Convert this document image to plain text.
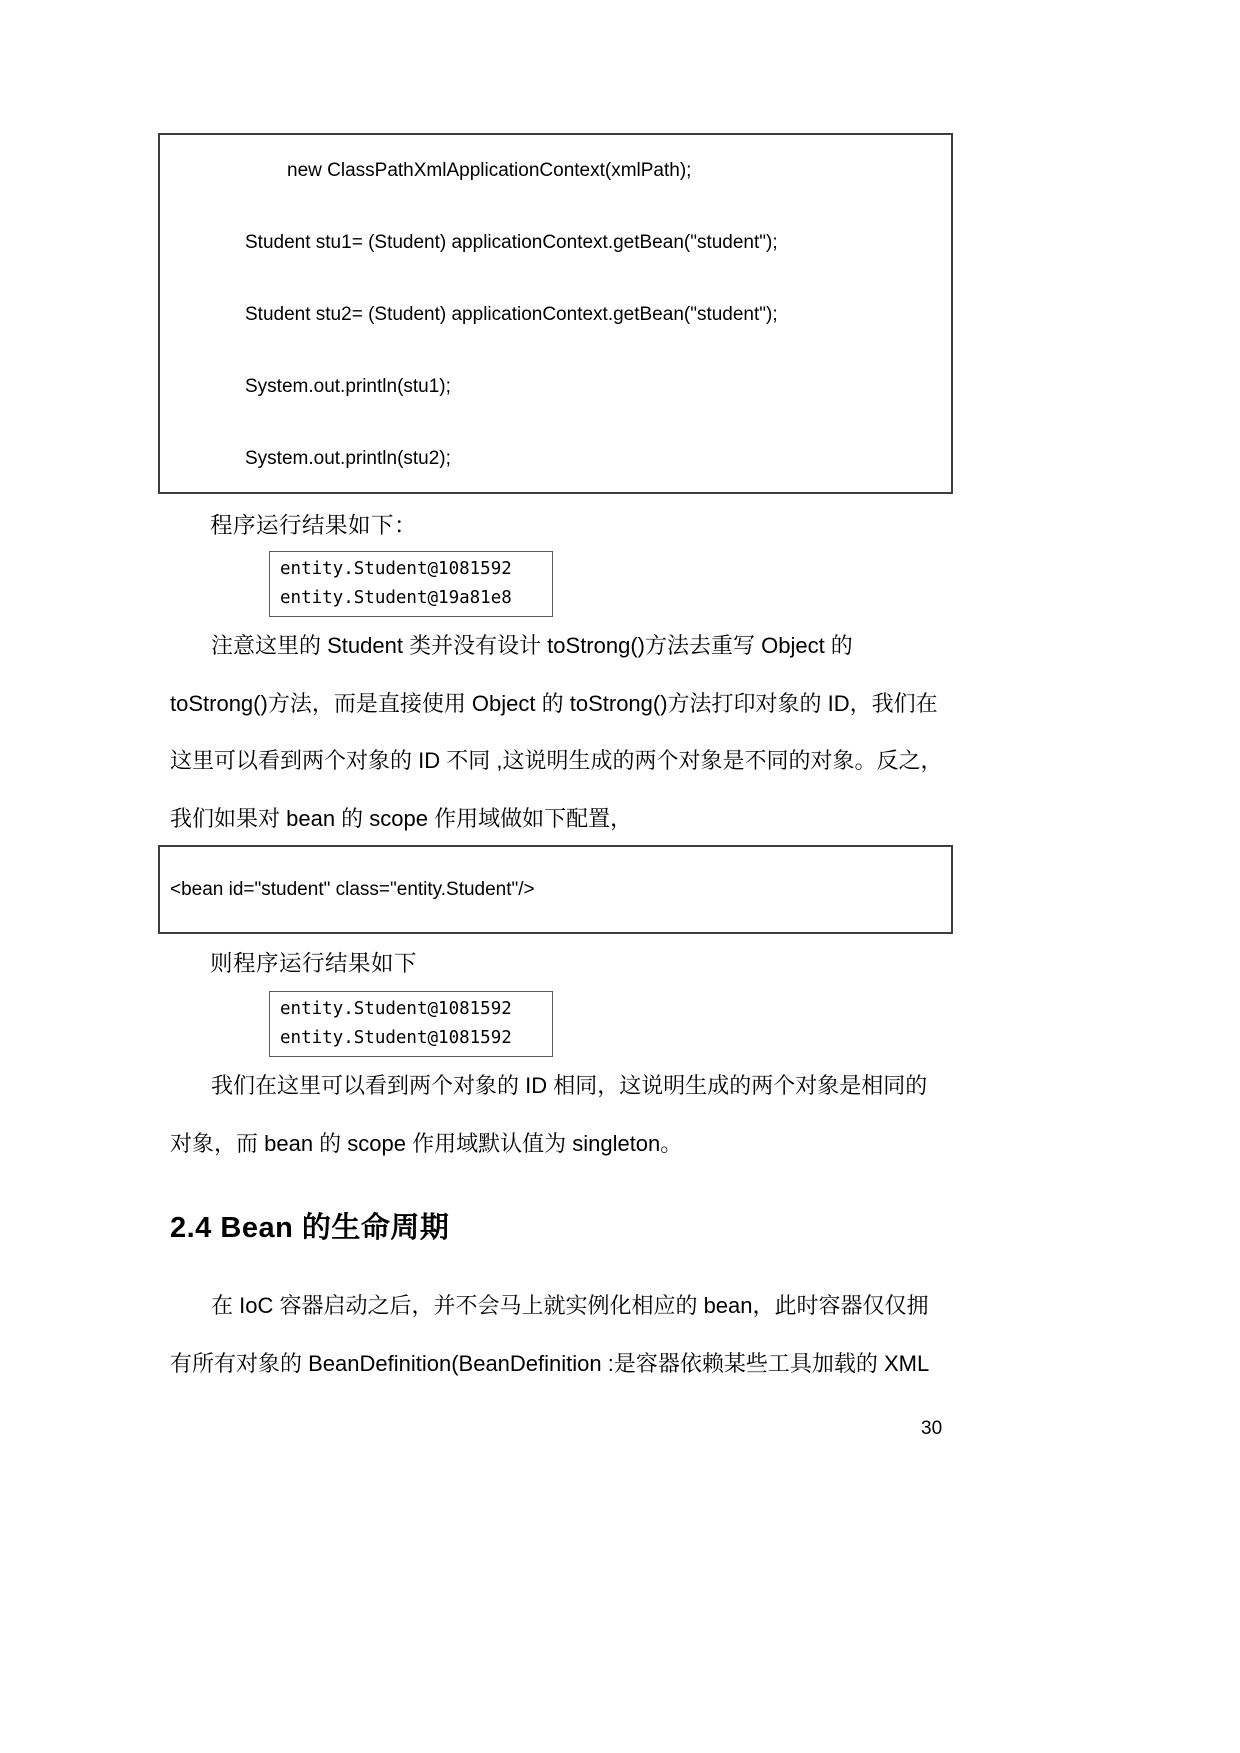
new ClassPathXmlApplicationContext(xmlPath);
Student stu1= (Student) applicationContext.getBean("student");
Student stu2= (Student) applicationContext.getBean("student");
System.out.println(stu1);
System.out.println(stu2);
程序运行结果如下：
entity.Student@1081592
entity.Student@19a81e8
注意这里的 Student 类并没有设计 toStrong()方法去重写 Object 的
toStrong()方法，而是直接使用 Object 的 toStrong()方法打印对象的 ID，我们在
这里可以看到两个对象的 ID 不同 ,这说明生成的两个对象是不同的对象。反之，
我们如果对 bean 的 scope 作用域做如下配置，
<bean id="student" class="entity.Student"/>
则程序运行结果如下
entity.Student@1081592
entity.Student@1081592
我们在这里可以看到两个对象的 ID 相同，这说明生成的两个对象是相同的
对象，而 bean 的 scope 作用域默认值为 singleton。
2.4 Bean 的生命周期
在 IoC 容器启动之后，并不会马上就实例化相应的 bean，此时容器仅仅拥
有所有对象的 BeanDefinition(BeanDefinition :是容器依赖某些工具加载的 XML
30
